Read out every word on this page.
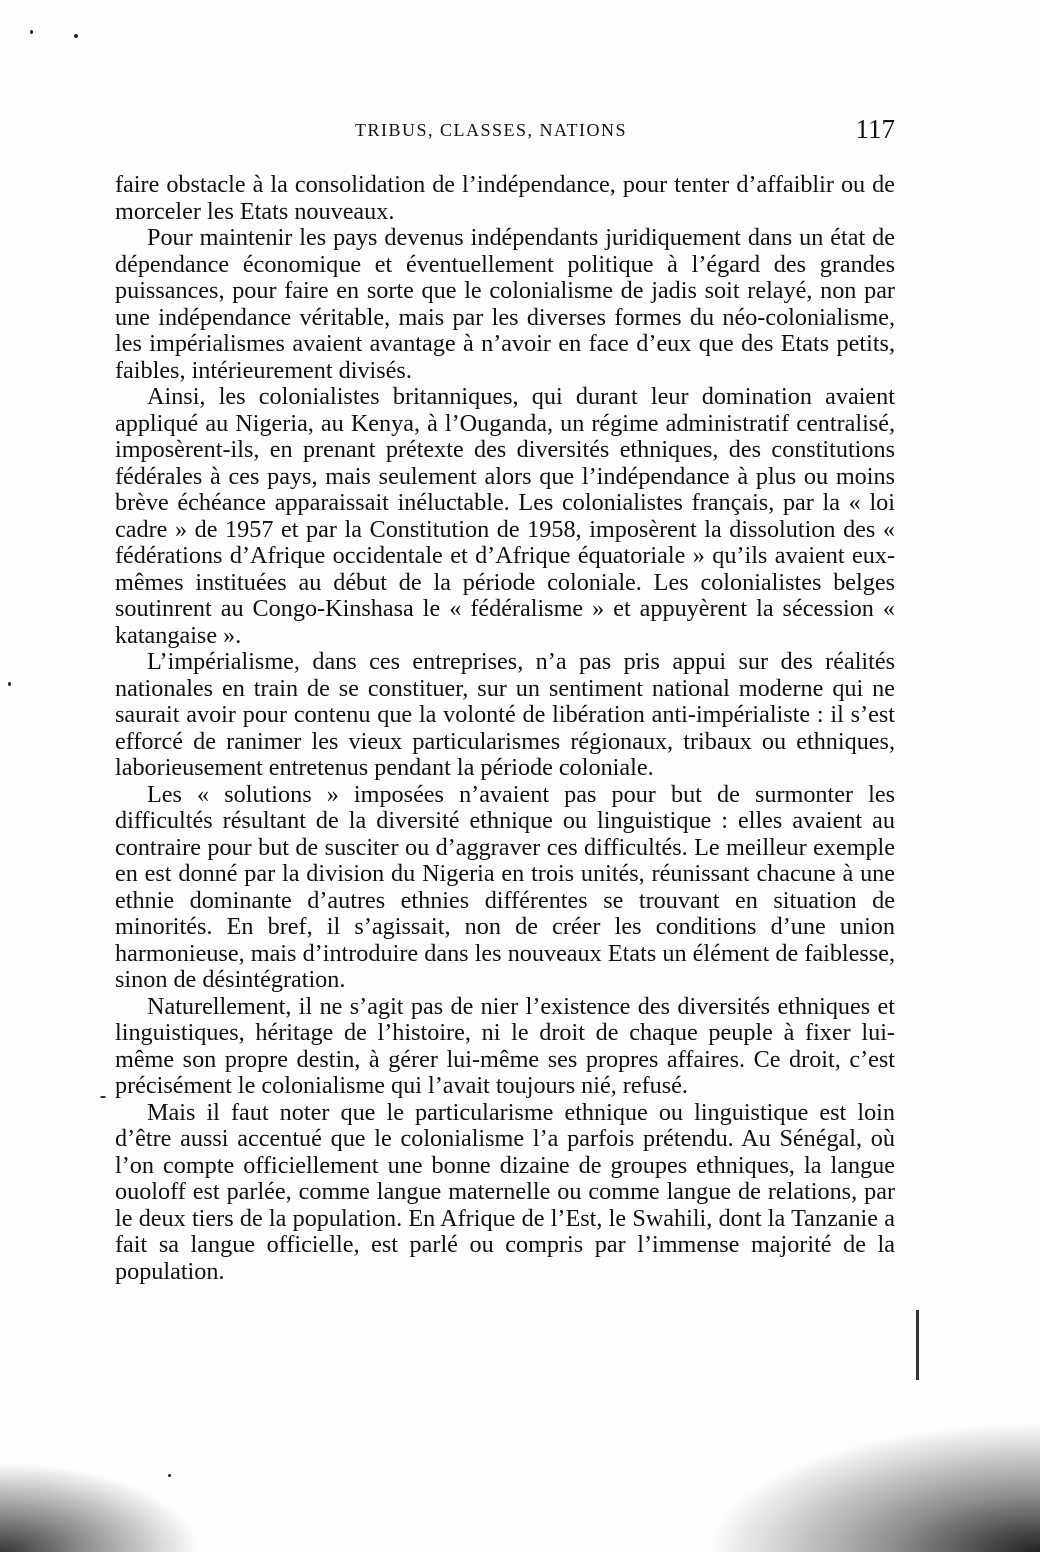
TRIBUS, CLASSES, NATIONS	117

faire obstacle à la consolidation de l’indépendance, pour tenter d’affaiblir ou de morceler les Etats nouveaux.

Pour maintenir les pays devenus indépendants juridiquement dans un état de dépendance économique et éventuellement politique à l’égard des grandes puissances, pour faire en sorte que le colonialisme de jadis soit relayé, non par une indépendance véritable, mais par les diverses formes du néo-colonialisme, les impérialismes avaient avantage à n’avoir en face d’eux que des Etats petits, faibles, intérieurement divisés.

Ainsi, les colonialistes britanniques, qui durant leur domination avaient appliqué au Nigeria, au Kenya, à l’Ouganda, un régime administratif centralisé, imposèrent-ils, en prenant prétexte des diversités ethniques, des constitutions fédérales à ces pays, mais seulement alors que l’indépendance à plus ou moins brève échéance apparaissait inéluctable. Les colonialistes français, par la « loi cadre » de 1957 et par la Constitution de 1958, imposèrent la dissolution des « fédérations d’Afrique occidentale et d’Afrique équatoriale » qu’ils avaient eux-mêmes instituées au début de la période coloniale. Les colonialistes belges soutinrent au Congo-Kinshasa le « fédéralisme » et appuyèrent la sécession « katangaise ».

L’impérialisme, dans ces entreprises, n’a pas pris appui sur des réalités nationales en train de se constituer, sur un sentiment national moderne qui ne saurait avoir pour contenu que la volonté de libération anti-impérialiste : il s’est efforcé de ranimer les vieux particularismes régionaux, tribaux ou ethniques, laborieusement entretenus pendant la période coloniale.

Les « solutions » imposées n’avaient pas pour but de surmonter les difficultés résultant de la diversité ethnique ou linguistique : elles avaient au contraire pour but de susciter ou d’aggraver ces difficultés. Le meilleur exemple en est donné par la division du Nigeria en trois unités, réunissant chacune à une ethnie dominante d’autres ethnies différentes se trouvant en situation de minorités. En bref, il s’agissait, non de créer les conditions d’une union harmonieuse, mais d’introduire dans les nouveaux Etats un élément de faiblesse, sinon de désintégration.

Naturellement, il ne s’agit pas de nier l’existence des diversités ethniques et linguistiques, héritage de l’histoire, ni le droit de chaque peuple à fixer lui-même son propre destin, à gérer lui-même ses propres affaires. Ce droit, c’est précisément le colonialisme qui l’avait toujours nié, refusé.

Mais il faut noter que le particularisme ethnique ou linguistique est loin d’être aussi accentué que le colonialisme l’a parfois prétendu. Au Sénégal, où l’on compte officiellement une bonne dizaine de groupes ethniques, la langue ouoloff est parlée, comme langue maternelle ou comme langue de relations, par le deux tiers de la population. En Afrique de l’Est, le Swahili, dont la Tanzanie a fait sa langue officielle, est parlé ou compris par l’immense majorité de la population.
